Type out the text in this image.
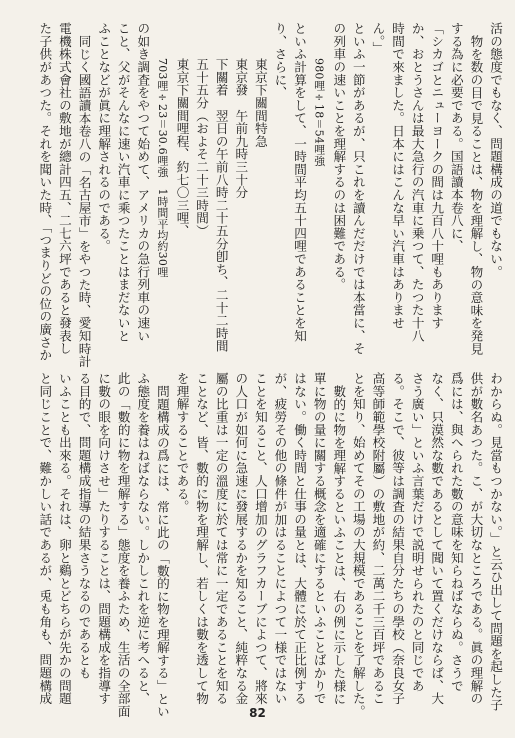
活の態度でもなく、問題構成の道でもない。
物を数の目で見ることは、物を理解し、物の意味を発見
する為に必要である。国語讀本卷八に、
「シカゴとニューヨークの間は九百八十哩もあります
か、おとうさんは最大急行の汽車に乗つて、たつた十八
時間で來ました。日本にはこんな早い汽車はありませ
ん。」
といふ一節があるが、只これを讀んだだけでは本當に、そ
の列車の速いことを理解するのは困難である。
980哩÷18＝54哩強
といふ計算をして、一時間平均五十四哩であることを知
り、さらに、
東京下關間特急
東京發　午前九時三十分
下關着　翌日の午前八時二十五分卽ち、二十二時間
五十五分（およそ二十三時間）
東京下關間哩程、約七〇三哩、
703哩÷23＝30.6哩強　1時間平均約30哩
の如き調査をやつて始めて、アメリカの急行列車の速い
こと、父がそんなに速い汽車に乘つたことはまだないと
ふことなどが眞に理解されるのである。
同じく國語讀本卷八の「名古屋市」をやつた時、愛知時計
電機株式會社の敷地が總計四五、二七六坪であると發表し
た子供があつた。それを聞いた時、「つまりどの位の廣さか
わからぬ。見當もつかない。」と云ひ出して問題を起した子
供が數名あつた。こ、が大切なところである。眞の理解の
爲には、與へられた數の意味を知らねばならぬ。さうで
なく、只漠然な數であるとして聞いて置くだけならば、大
さう廣い」といふ言葉だけで説明せられたのと同じであ
る。そこで、彼等は調査の結果自分たちの學校（奈良女子
高等師範學校附屬）の敷地が約、二萬二千三百坪であるこ
とを知り、始めてその工場の大規模であることを了解した。
數的に物を理解するといふことは、右の例に示した様に
單に物の量に關する概念を適確にするといふことばかりで
はない。働く時間と仕事の量とは、大體に於て正比例する
が、疲勞その他の條件が加はることによつて一様ではない
ことを知ること、人口增加のグラフカーブによつて、將來
の人口が如何に急速に發展するかを知ること、純粹なる金
屬の比重は一定の溫度に於ては常に一定であることを知る
ことなど、皆、數的に物を理解し、若しくは數を透して物
を理解することである。
問題構成の爲には、常に此の「數的に物を理解する」とい
ふ態度を養はねばならない。しかしこれを逆に考へると、
此の「數的に物を理解する」態度を養ふため、生活の全部面
に數の眼を向けさせ」たりすることは、問題構成を指導す
る目的で、問題構成指導の結果さうなるのであるとも
いふことも出來る。それは、卵と鷄とどちらが先かの問題
と同じことで、難かしい話であるが、兎も角も、問題構成
82
